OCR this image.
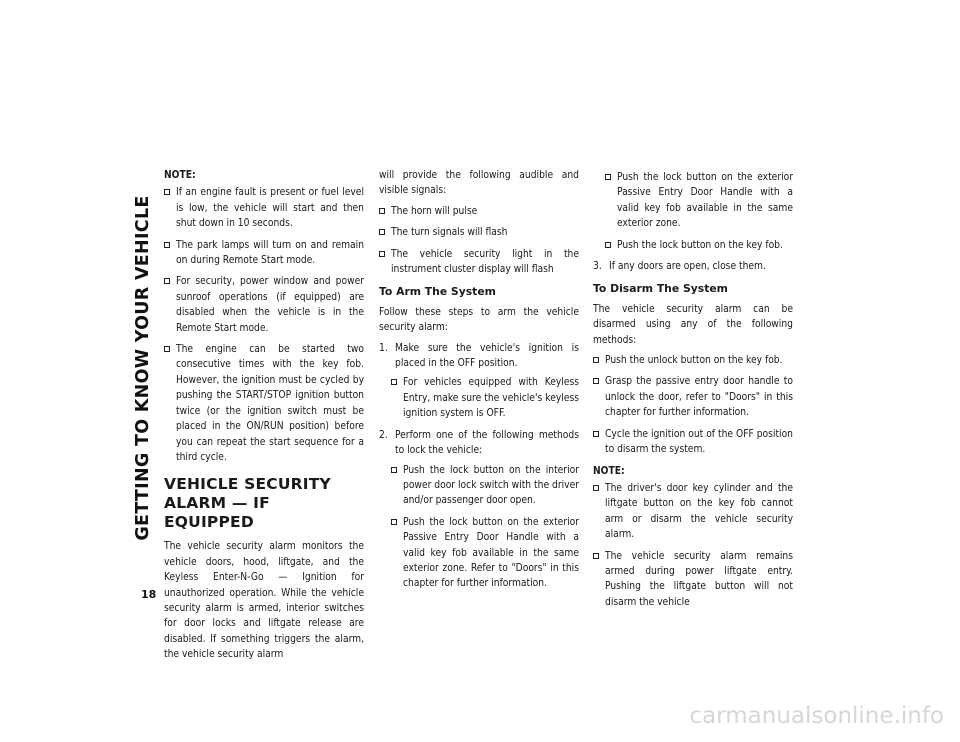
GETTING TO KNOW YOUR VEHICLE
18

NOTE:

If an engine fault is present or fuel level is low, the vehicle will start and then shut down in 10 seconds.
The park lamps will turn on and remain on during Remote Start mode.
For security, power window and power sunroof operations (if equipped) are disabled when the vehicle is in the Remote Start mode.
The engine can be started two consecutive times with the key fob. However, the ignition must be cycled by pushing the START/STOP ignition button twice (or the ignition switch must be placed in the ON/RUN position) before you can repeat the start sequence for a third cycle.

VEHICLE SECURITY ALARM — IF EQUIPPED

The vehicle security alarm monitors the vehicle doors, hood, liftgate, and the Keyless Enter-N-Go — Ignition for unauthorized operation. While the vehicle security alarm is armed, interior switches for door locks and liftgate release are disabled. If something triggers the alarm, the vehicle security alarm

will provide the following audible and visible signals:

The horn will pulse
The turn signals will flash
The vehicle security light in the instrument cluster display will flash

To Arm The System

Follow these steps to arm the vehicle security alarm:

1. Make sure the vehicle's ignition is placed in the OFF position.
For vehicles equipped with Keyless Entry, make sure the vehicle's keyless ignition system is OFF.
2. Perform one of the following methods to lock the vehicle:
Push the lock button on the interior power door lock switch with the driver and/or passenger door open.
Push the lock button on the exterior Passive Entry Door Handle with a valid key fob available in the same exterior zone. Refer to "Doors" in this chapter for further information.
Push the lock button on the exterior Passive Entry Door Handle with a valid key fob available in the same exterior zone.
Push the lock button on the key fob.
3. If any doors are open, close them.

To Disarm The System

The vehicle security alarm can be disarmed using any of the following methods:

Push the unlock button on the key fob.
Grasp the passive entry door handle to unlock the door, refer to "Doors" in this chapter for further information.
Cycle the ignition out of the OFF position to disarm the system.

NOTE:

The driver's door key cylinder and the liftgate button on the key fob cannot arm or disarm the vehicle security alarm.
The vehicle security alarm remains armed during power liftgate entry. Pushing the liftgate button will not disarm the vehicle
carmanualsonline.info
